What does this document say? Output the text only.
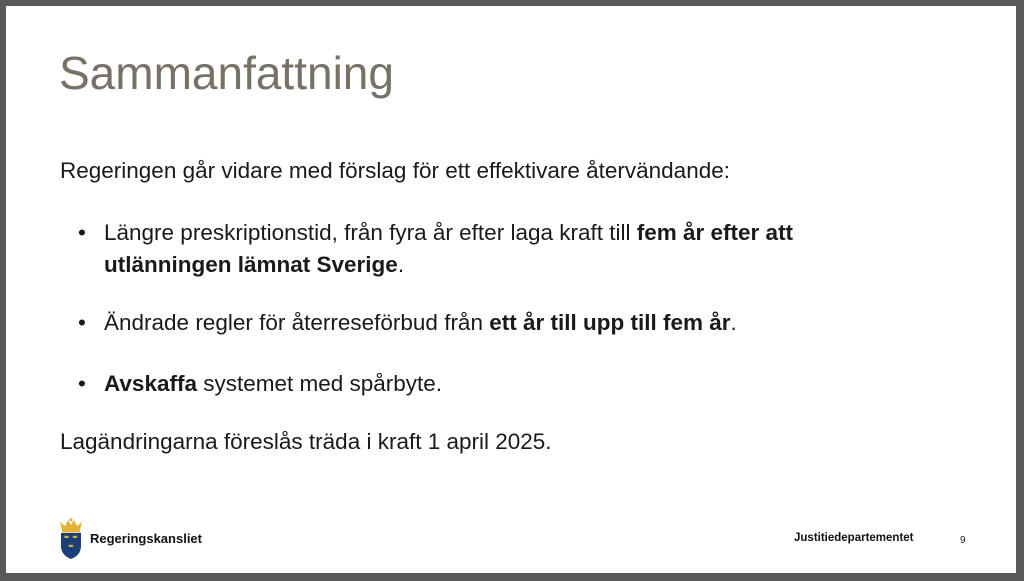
Sammanfattning
Regeringen går vidare med förslag för ett effektivare återvändande:
• Längre preskriptionstid, från fyra år efter laga kraft till fem år efter att utlänningen lämnat Sverige.
• Ändrade regler för återreseförbud från ett år till upp till fem år.
• Avskaffa systemet med spårbyte.
Lagändringarna föreslås träda i kraft 1 april 2025.
Regeringskansliet	Justitiedepartementet	9
